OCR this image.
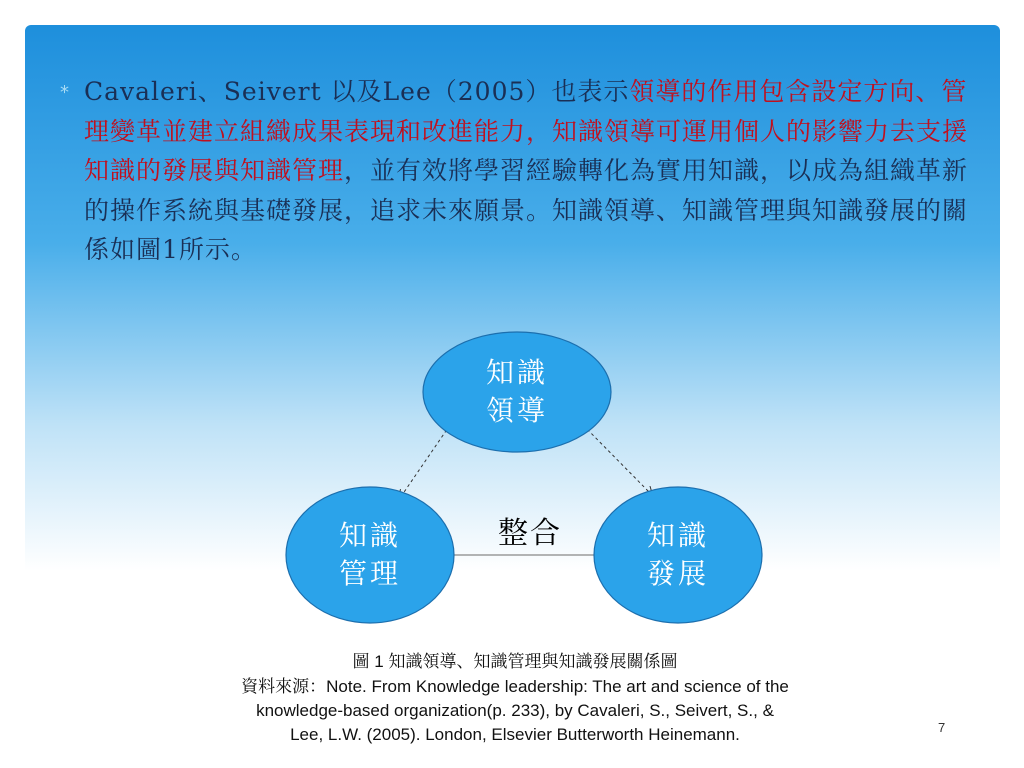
* Cavaleri、Seivert 以及Lee（2005）也表示領導的作用包含設定方向、管理變革並建立組織成果表現和改進能力，知識領導可運用個人的影響力去支援知識的發展與知識管理，並有效將學習經驗轉化為實用知識，以成為組織革新的操作系統與基礎發展，追求未來願景。知識領導、知識管理與知識發展的關係如圖1所示。

知識
領導
知識
管理
知識
發展
整合
圖 1 知識領導、知識管理與知識發展關係圖
資料來源：Note. From Knowledge leadership: The art and science of the
knowledge-based organization(p. 233), by Cavaleri, S., Seivert, S., &
Lee, L.W. (2005). London, Elsevier Butterworth Heinemann.	7
